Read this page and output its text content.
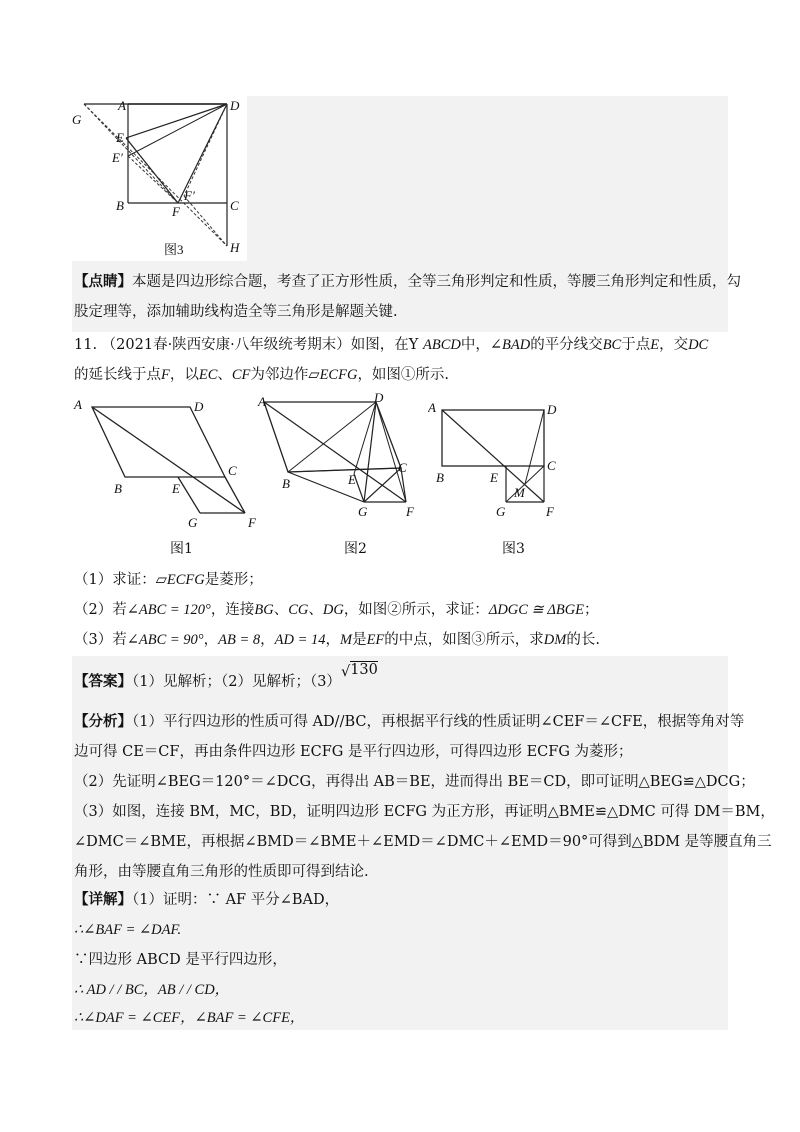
G
A	D
E
E′
B	F
F′
C
H
图3
【点睛】本题是四边形综合题，考查了正方形性质，全等三角形判定和性质，等腰三角形判定和性质，勾
股定理等，添加辅助线构造全等三角形是解题关键.
11. （2021春·陕西安康·八年级统考期末）如图，在Y ABCD中，∠BAD的平分线交BC于点E，交DC
的延长线于点F，以EC、CF为邻边作▱ECFG，如图①所示.
A	D
B	E
C
G	F
图1
A	D
B	E
C
G	F
图2
A	D
B	E
C
G	F
M
图3
（1）求证：▱ECFG是菱形；
（2）若∠ABC = 120°，连接BG、CG、DG，如图②所示，求证：ΔDGC ≅ ΔBGE；
（3）若∠ABC = 90°，AB = 8，AD = 14，M是EF的中点，如图③所示，求DM的长.
【答案】（1）见解析；（2）见解析；（3）√130
【分析】（1）平行四边形的性质可得 AD//BC，再根据平行线的性质证明∠CEF＝∠CFE，根据等角对等
边可得 CE＝CF，再由条件四边形 ECFG 是平行四边形，可得四边形 ECFG 为菱形；
（2）先证明∠BEG＝120°＝∠DCG，再得出 AB＝BE，进而得出 BE＝CD，即可证明△BEG≌△DCG；
（3）如图，连接 BM，MC，BD，证明四边形 ECFG 为正方形，再证明△BME≌△DMC 可得 DM＝BM，
∠DMC＝∠BME，再根据∠BMD＝∠BME＋∠EMD＝∠DMC＋∠EMD＝90°可得到△BDM 是等腰直角三
角形，由等腰直角三角形的性质即可得到结论.
【详解】（1）证明：∵ AF 平分∠BAD，
∴∠BAF = ∠DAF.
∵四边形 ABCD 是平行四边形，
∴ AD / / BC，AB / / CD，
∴∠DAF = ∠CEF，∠BAF = ∠CFE，
